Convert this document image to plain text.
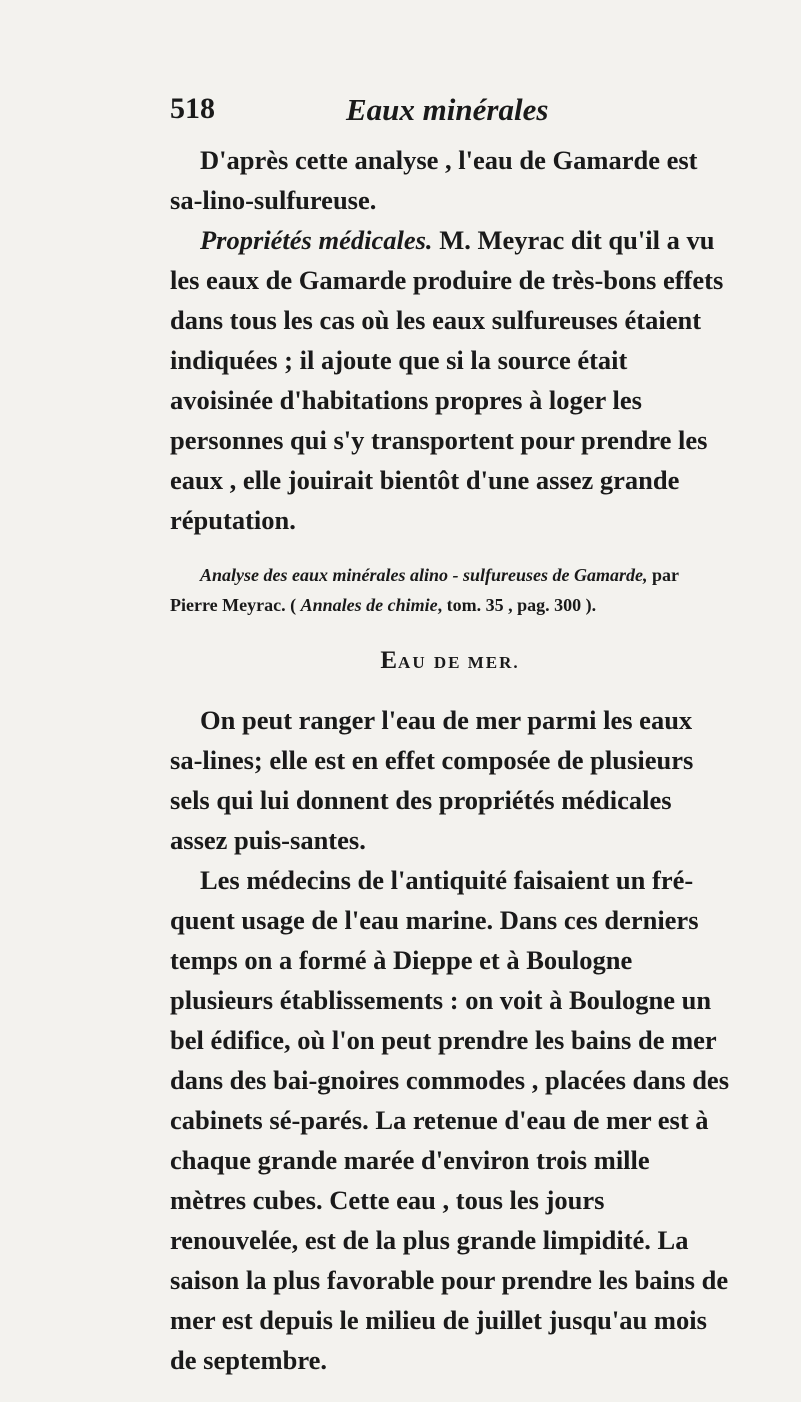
518	Eaux minérales

D'après cette analyse , l'eau de Gamarde est sa-lino-sulfureuse.

Propriétés médicales. M. Meyrac dit qu'il a vu les eaux de Gamarde produire de très-bons effets dans tous les cas où les eaux sulfureuses étaient indiquées ; il ajoute que si la source était avoisinée d'habitations propres à loger les personnes qui s'y transportent pour prendre les eaux , elle jouirait bientôt d'une assez grande réputation.

Analyse des eaux minérales alino - sulfureuses de Gamarde, par Pierre Meyrac. ( Annales de chimie, tom. 35 , pag. 300 ).

EAU DE MER.

On peut ranger l'eau de mer parmi les eaux sa-lines; elle est en effet composée de plusieurs sels qui lui donnent des propriétés médicales assez puis-santes.

Les médecins de l'antiquité faisaient un fré-quent usage de l'eau marine. Dans ces derniers temps on a formé à Dieppe et à Boulogne plusieurs établissements : on voit à Boulogne un bel édifice, où l'on peut prendre les bains de mer dans des bai-gnoires commodes , placées dans des cabinets sé-parés. La retenue d'eau de mer est à chaque grande marée d'environ trois mille mètres cubes. Cette eau , tous les jours renouvelée, est de la plus grande limpidité. La saison la plus favorable pour prendre les bains de mer est depuis le milieu de juillet jusqu'au mois de septembre.
